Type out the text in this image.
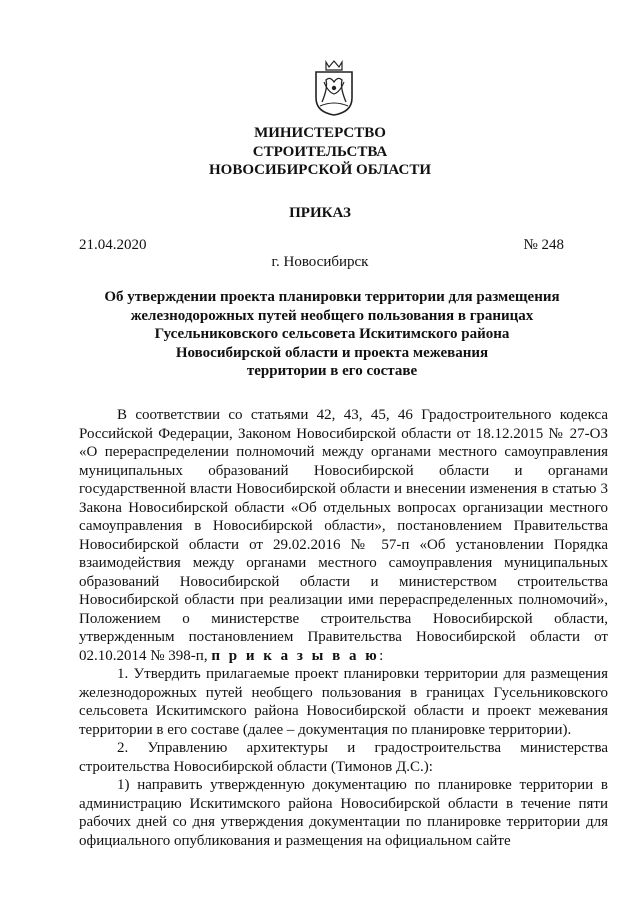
МИНИСТЕРСТВО
СТРОИТЕЛЬСТВА
НОВОСИБИРСКОЙ ОБЛАСТИ
ПРИКАЗ
21.04.2020	№ 248
г. Новосибирск
Об утверждении проекта планировки территории для размещения
железнодорожных путей необщего пользования в границах
Гусельниковского сельсовета Искитимского района
Новосибирской области и проекта межевания
территории в его составе

В соответствии со статьями 42, 43, 45, 46 Градостроительного кодекса Российской Федерации, Законом Новосибирской области от 18.12.2015 № 27-ОЗ «О перераспределении полномочий между органами местного самоуправления муниципальных образований Новосибирской области и органами государственной власти Новосибирской области и внесении изменения в статью 3 Закона Новосибирской области «Об отдельных вопросах организации местного самоуправления в Новосибирской области», постановлением Правительства Новосибирской области от 29.02.2016 № 57-п «Об установлении Порядка взаимодействия между органами местного самоуправления муниципальных образований Новосибирской области и министерством строительства Новосибирской области при реализации ими перераспределенных полномочий», Положением о министерстве строительства Новосибирской области, утвержденным постановлением Правительства Новосибирской области от 02.10.2014 № 398-п, п р и к а з ы в а ю:

1. Утвердить прилагаемые проект планировки территории для размещения железнодорожных путей необщего пользования в границах Гусельниковского сельсовета Искитимского района Новосибирской области и проект межевания территории в его составе (далее – документация по планировке территории).

2. Управлению архитектуры и градостроительства министерства строительства Новосибирской области (Тимонов Д.С.):

1) направить утвержденную документацию по планировке территории в администрацию Искитимского района Новосибирской области в течение пяти рабочих дней со дня утверждения документации по планировке территории для официального опубликования и размещения на официальном сайте
